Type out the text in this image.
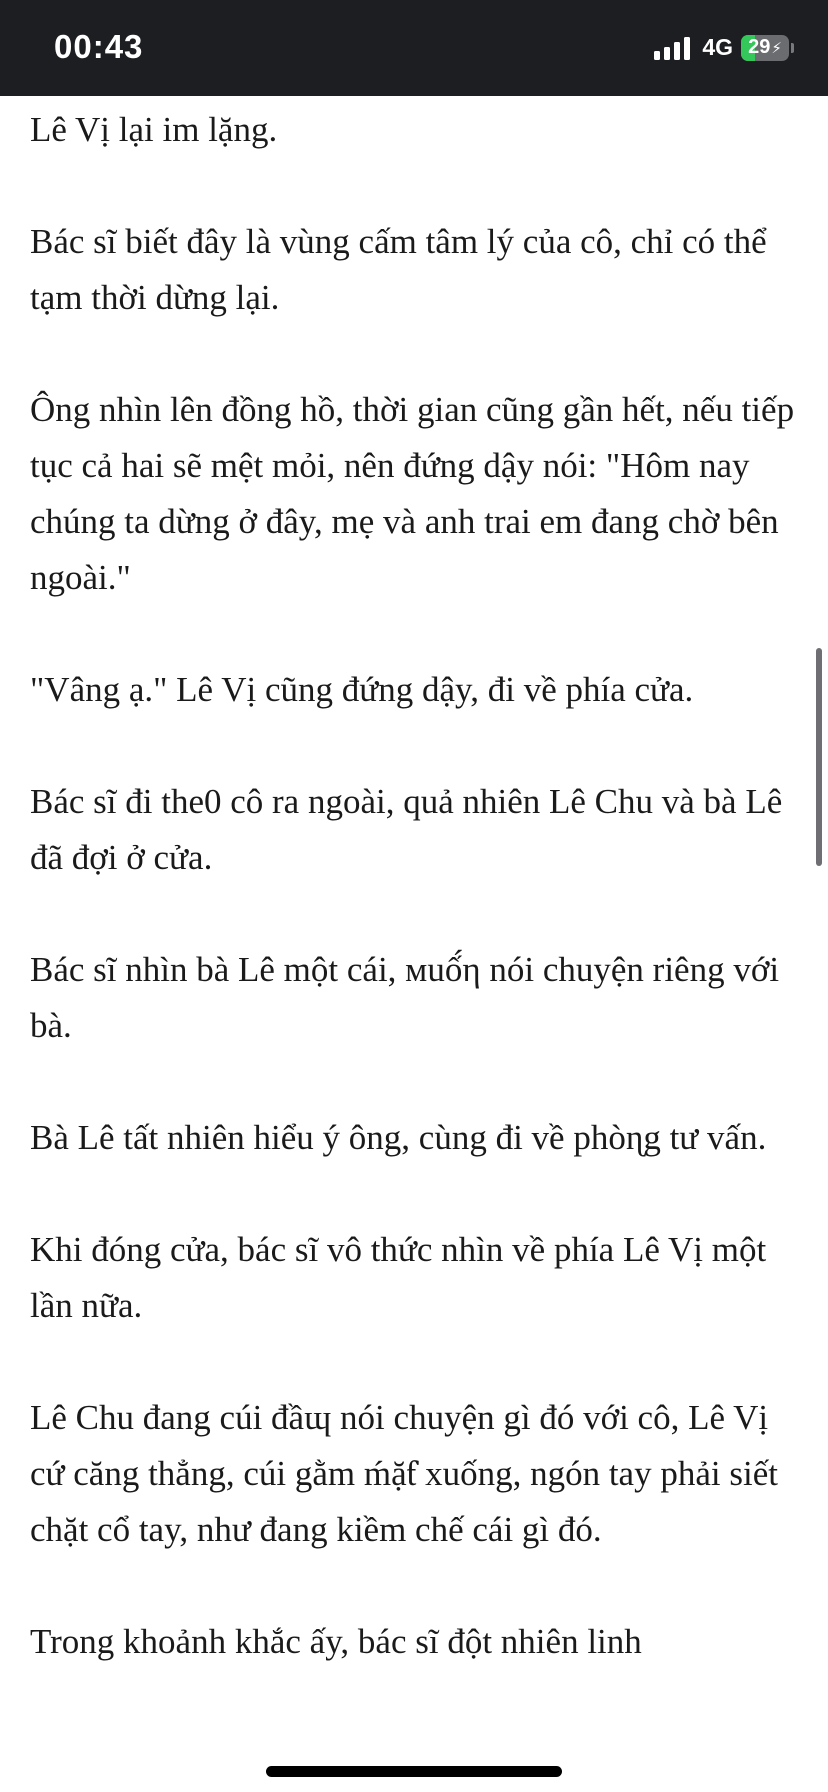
00:43	4G 29 ⚡

Lê Vị lại im lặng.

Bác sĩ biết đây là vùng cấm tâm lý của cô, chỉ có thể tạm thời dừng lại.

Ông nhìn lên đồng hồ, thời gian cũng gần hết, nếu tiếp tục cả hai sẽ mệt mỏi, nên đứng dậy nói: "Hôm nay chúng ta dừng ở đây, mẹ và anh trai em đang chờ bên ngoài."

"Vâng ạ." Lê Vị cũng đứng dậy, đi về phía cửa.

Bác sĩ đi the0 cô ra ngoài, quả nhiên Lê Chu và bà Lê đã đợi ở cửa.

Bác sĩ nhìn bà Lê một cái, мuố́η nói chuyện riêng với bà.

Bà Lê tất nhiên hiểu ý ông, cùng đi về phòɳg tư vấn.

Khi đóng cửa, bác sĩ vô thức nhìn về phía Lê Vị một lần nữa.

Lê Chu đang cúi đầɰ nói chuyện gì đó với cô, Lê Vị cứ căng thẳng, cúi gằm ḿặƭ xuống, ngón tay phải siết chặt cổ tay, như đang kiềm chế cái gì đó.

Trong khoảnh khắc ấy, bác sĩ đột nhiên linh
